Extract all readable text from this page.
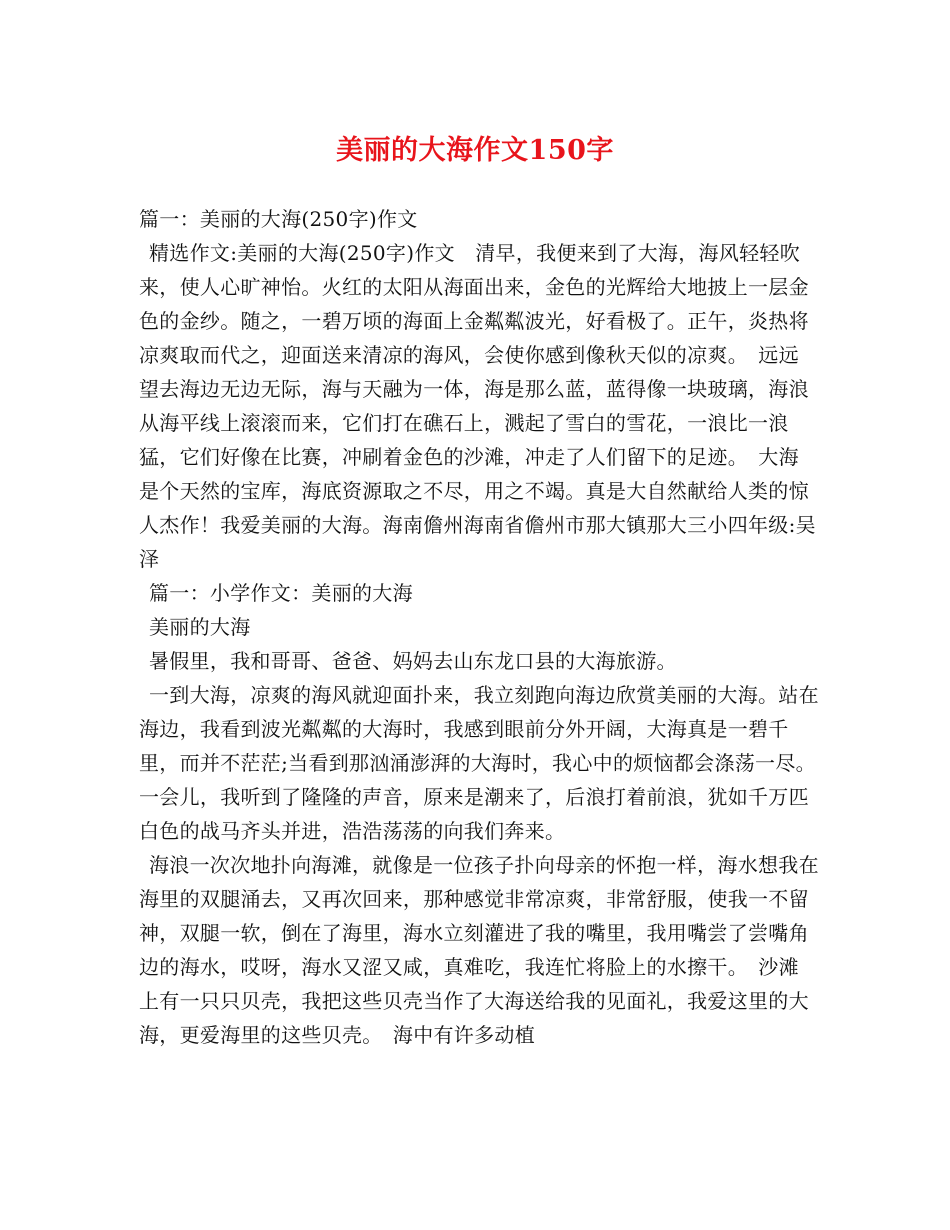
美丽的大海作文150字

篇一：美丽的大海(250字)作文

精选作文:美丽的大海(250字)作文　清早，我便来到了大海，海风轻轻吹来，使人心旷神怡。火红的太阳从海面出来，金色的光辉给大地披上一层金色的金纱。随之，一碧万顷的海面上金粼粼波光，好看极了。正午，炎热将凉爽取而代之，迎面送来清凉的海风，会使你感到像秋天似的凉爽。　远远望去海边无边无际，海与天融为一体，海是那么蓝，蓝得像一块玻璃，海浪从海平线上滚滚而来，它们打在礁石上，溅起了雪白的雪花，一浪比一浪猛，它们好像在比赛，冲刷着金色的沙滩，冲走了人们留下的足迹。　大海是个天然的宝库，海底资源取之不尽，用之不竭。真是大自然献给人类的惊人杰作！我爱美丽的大海。海南儋州海南省儋州市那大镇那大三小四年级:吴泽

篇一：小学作文：美丽的大海

美丽的大海

暑假里，我和哥哥、爸爸、妈妈去山东龙口县的大海旅游。

一到大海，凉爽的海风就迎面扑来，我立刻跑向海边欣赏美丽的大海。站在海边，我看到波光粼粼的大海时，我感到眼前分外开阔，大海真是一碧千里，而并不茫茫;当看到那汹涌澎湃的大海时，我心中的烦恼都会涤荡一尽。一会儿，我听到了隆隆的声音，原来是潮来了，后浪打着前浪，犹如千万匹白色的战马齐头并进，浩浩荡荡的向我们奔来。

海浪一次次地扑向海滩，就像是一位孩子扑向母亲的怀抱一样，海水想我在海里的双腿涌去，又再次回来，那种感觉非常凉爽，非常舒服，使我一不留神，双腿一软，倒在了海里，海水立刻灌进了我的嘴里，我用嘴尝了尝嘴角边的海水，哎呀，海水又涩又咸，真难吃，我连忙将脸上的水擦干。　沙滩上有一只只贝壳，我把这些贝壳当作了大海送给我的见面礼，我爱这里的大海，更爱海里的这些贝壳。　海中有许多动植
